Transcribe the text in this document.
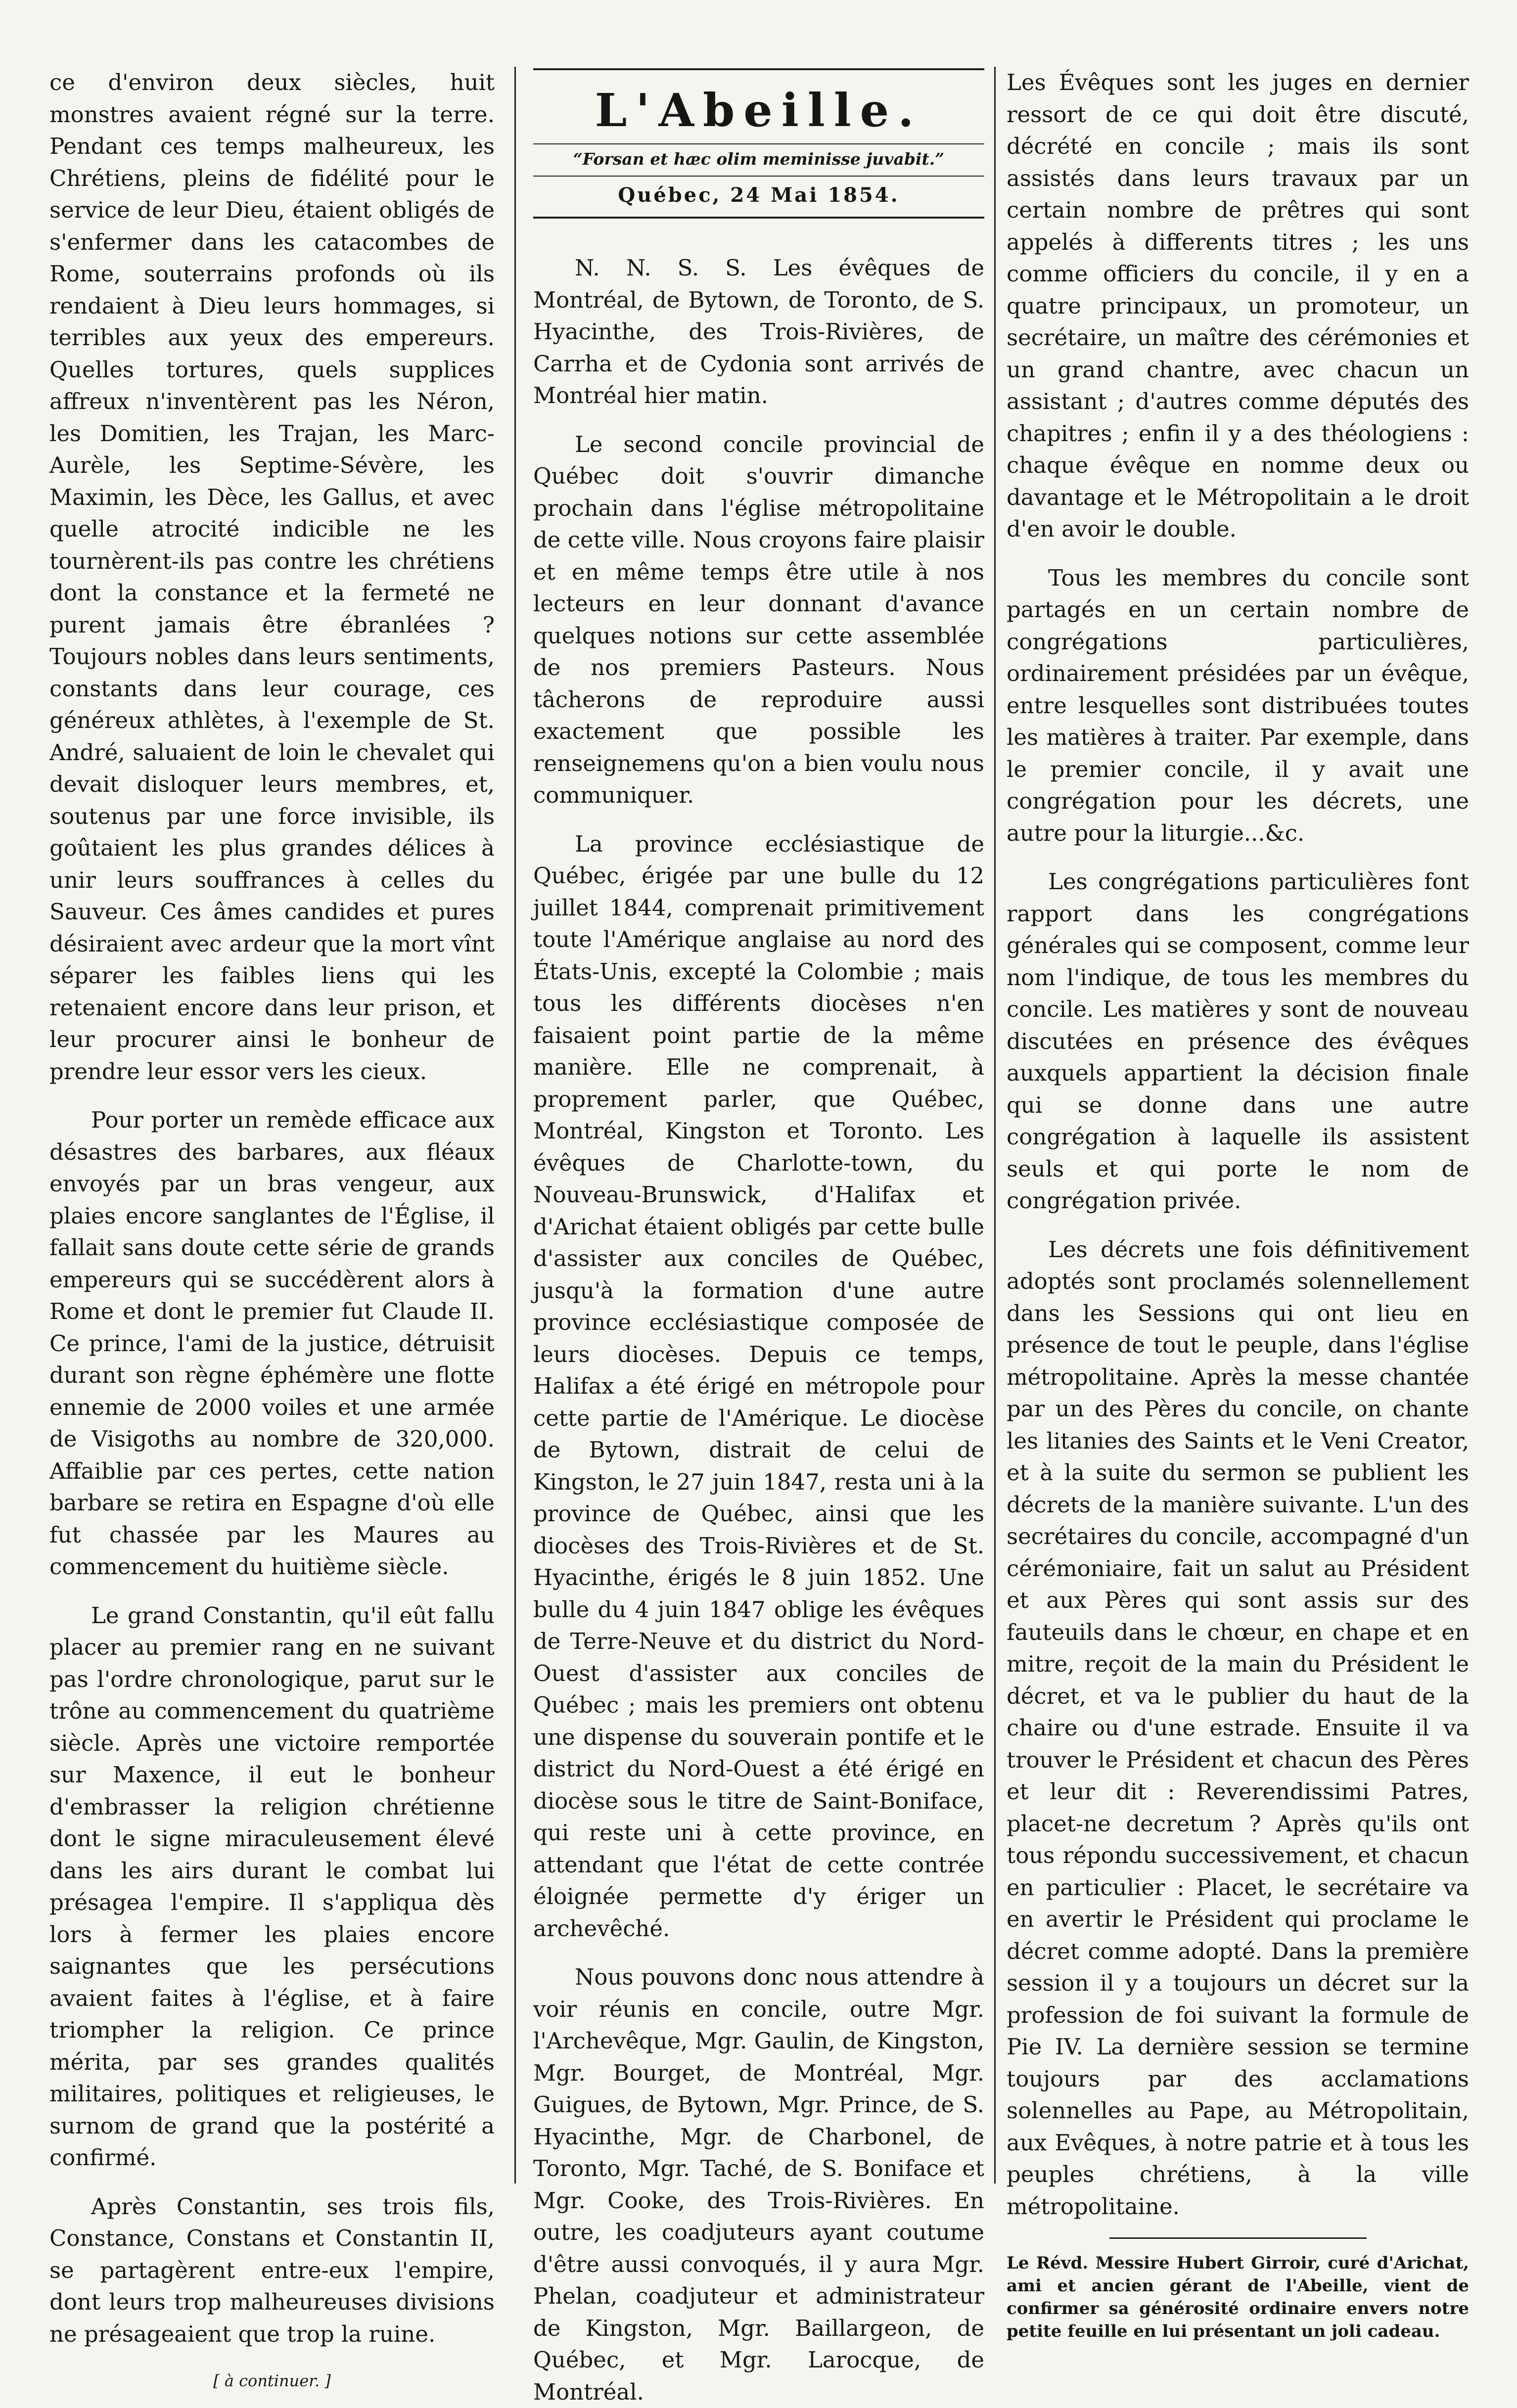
ce d'environ deux siècles, huit monstres avaient régné sur la terre. Pendant ces temps malheureux, les Chrétiens, pleins de fidélité pour le service de leur Dieu, étaient obligés de s'enfermer dans les catacombes de Rome, souterrains profonds où ils rendaient à Dieu leurs hommages, si terribles aux yeux des empereurs. Quelles tortures, quels supplices affreux n'inventèrent pas les Néron, les Domitien, les Trajan, les Marc-Aurèle, les Septime-Sévère, les Maximin, les Dèce, les Gallus, et avec quelle atrocité indicible ne les tournèrent-ils pas contre les chrétiens dont la constance et la fermeté ne purent jamais être ébranlées ? Toujours nobles dans leurs sentiments, constants dans leur courage, ces généreux athlètes, à l'exemple de St. André, saluaient de loin le chevalet qui devait disloquer leurs membres, et, soutenus par une force invisible, ils goûtaient les plus grandes délices à unir leurs souffrances à celles du Sauveur. Ces âmes candides et pures désiraient avec ardeur que la mort vînt séparer les faibles liens qui les retenaient encore dans leur prison, et leur procurer ainsi le bonheur de prendre leur essor vers les cieux.

Pour porter un remède efficace aux désastres des barbares, aux fléaux envoyés par un bras vengeur, aux plaies encore sanglantes de l'Église, il fallait sans doute cette série de grands empereurs qui se succédèrent alors à Rome et dont le premier fut Claude II. Ce prince, l'ami de la justice, détruisit durant son règne éphémère une flotte ennemie de 2000 voiles et une armée de Visigoths au nombre de 320,000. Affaiblie par ces pertes, cette nation barbare se retira en Espagne d'où elle fut chassée par les Maures au commencement du huitième siècle.

Le grand Constantin, qu'il eût fallu placer au premier rang en ne suivant pas l'ordre chronologique, parut sur le trône au commencement du quatrième siècle. Après une victoire remportée sur Maxence, il eut le bonheur d'embrasser la religion chrétienne dont le signe miraculeusement élevé dans les airs durant le combat lui présagea l'empire. Il s'appliqua dès lors à fermer les plaies encore saignantes que les persécutions avaient faites à l'église, et à faire triompher la religion. Ce prince mérita, par ses grandes qualités militaires, politiques et religieuses, le surnom de grand que la postérité a confirmé.

Après Constantin, ses trois fils, Constance, Constans et Constantin II, se partagèrent entre-eux l'empire, dont leurs trop malheureuses divisions ne présageaient que trop la ruine.

[ à continuer. ]

L'Abeille.
“Forsan et hæc olim meminisse juvabit.”
Québec, 24 Mai 1854.

N. N. S. S. Les évêques de Montréal, de Bytown, de Toronto, de S. Hyacinthe, des Trois-Rivières, de Carrha et de Cydonia sont arrivés de Montréal hier matin.

Le second concile provincial de Québec doit s'ouvrir dimanche prochain dans l'église métropolitaine de cette ville. Nous croyons faire plaisir et en même temps être utile à nos lecteurs en leur donnant d'avance quelques notions sur cette assemblée de nos premiers Pasteurs. Nous tâcherons de reproduire aussi exactement que possible les renseignemens qu'on a bien voulu nous communiquer.

La province ecclésiastique de Québec, érigée par une bulle du 12 juillet 1844, comprenait primitivement toute l'Amérique anglaise au nord des États-Unis, excepté la Colombie ; mais tous les différents diocèses n'en faisaient point partie de la même manière. Elle ne comprenait, à proprement parler, que Québec, Montréal, Kingston et Toronto. Les évêques de Charlotte-town, du Nouveau-Brunswick, d'Halifax et d'Arichat étaient obligés par cette bulle d'assister aux conciles de Québec, jusqu'à la formation d'une autre province ecclésiastique composée de leurs diocèses. Depuis ce temps, Halifax a été érigé en métropole pour cette partie de l'Amérique. Le diocèse de Bytown, distrait de celui de Kingston, le 27 juin 1847, resta uni à la province de Québec, ainsi que les diocèses des Trois-Rivières et de St. Hyacinthe, érigés le 8 juin 1852. Une bulle du 4 juin 1847 oblige les évêques de Terre-Neuve et du district du Nord-Ouest d'assister aux conciles de Québec ; mais les premiers ont obtenu une dispense du souverain pontife et le district du Nord-Ouest a été érigé en diocèse sous le titre de Saint-Boniface, qui reste uni à cette province, en attendant que l'état de cette contrée éloignée permette d'y ériger un archevêché.

Nous pouvons donc nous attendre à voir réunis en concile, outre Mgr. l'Archevêque, Mgr. Gaulin, de Kingston, Mgr. Bourget, de Montréal, Mgr. Guigues, de Bytown, Mgr. Prince, de S. Hyacinthe, Mgr. de Charbonel, de Toronto, Mgr. Taché, de S. Boniface et Mgr. Cooke, des Trois-Rivières. En outre, les coadjuteurs ayant coutume d'être aussi convoqués, il y aura Mgr. Phelan, coadjuteur et administrateur de Kingston, Mgr. Baillargeon, de Québec, et Mgr. Larocque, de Montréal.

Les Évêques sont les juges en dernier ressort de ce qui doit être discuté, décrété en concile ; mais ils sont assistés dans leurs travaux par un certain nombre de prêtres qui sont appelés à differents titres ; les uns comme officiers du concile, il y en a quatre principaux, un promoteur, un secrétaire, un maître des cérémonies et un grand chantre, avec chacun un assistant ; d'autres comme députés des chapitres ; enfin il y a des théologiens : chaque évêque en nomme deux ou davantage et le Métropolitain a le droit d'en avoir le double.

Tous les membres du concile sont partagés en un certain nombre de congrégations particulières, ordinairement présidées par un évêque, entre lesquelles sont distribuées toutes les matières à traiter. Par exemple, dans le premier concile, il y avait une congrégation pour les décrets, une autre pour la liturgie...&c.

Les congrégations particulières font rapport dans les congrégations générales qui se composent, comme leur nom l'indique, de tous les membres du concile. Les matières y sont de nouveau discutées en présence des évêques auxquels appartient la décision finale qui se donne dans une autre congrégation à laquelle ils assistent seuls et qui porte le nom de congrégation privée.

Les décrets une fois définitivement adoptés sont proclamés solennellement dans les Sessions qui ont lieu en présence de tout le peuple, dans l'église métropolitaine. Après la messe chantée par un des Pères du concile, on chante les litanies des Saints et le Veni Creator, et à la suite du sermon se publient les décrets de la manière suivante. L'un des secrétaires du concile, accompagné d'un cérémoniaire, fait un salut au Président et aux Pères qui sont assis sur des fauteuils dans le chœur, en chape et en mitre, reçoit de la main du Président le décret, et va le publier du haut de la chaire ou d'une estrade. Ensuite il va trouver le Président et chacun des Pères et leur dit : Reverendissimi Patres, placet-ne decretum ? Après qu'ils ont tous répondu successivement, et chacun en particulier : Placet, le secrétaire va en avertir le Président qui proclame le décret comme adopté. Dans la première session il y a toujours un décret sur la profession de foi suivant la formule de Pie IV. La dernière session se termine toujours par des acclamations solennelles au Pape, au Métropolitain, aux Evêques, à notre patrie et à tous les peuples chrétiens, à la ville métropolitaine.

Le Révd. Messire Hubert Girroir, curé d'Arichat, ami et ancien gérant de l'Abeille, vient de confirmer sa générosité ordinaire envers notre petite feuille en lui présentant un joli cadeau.
